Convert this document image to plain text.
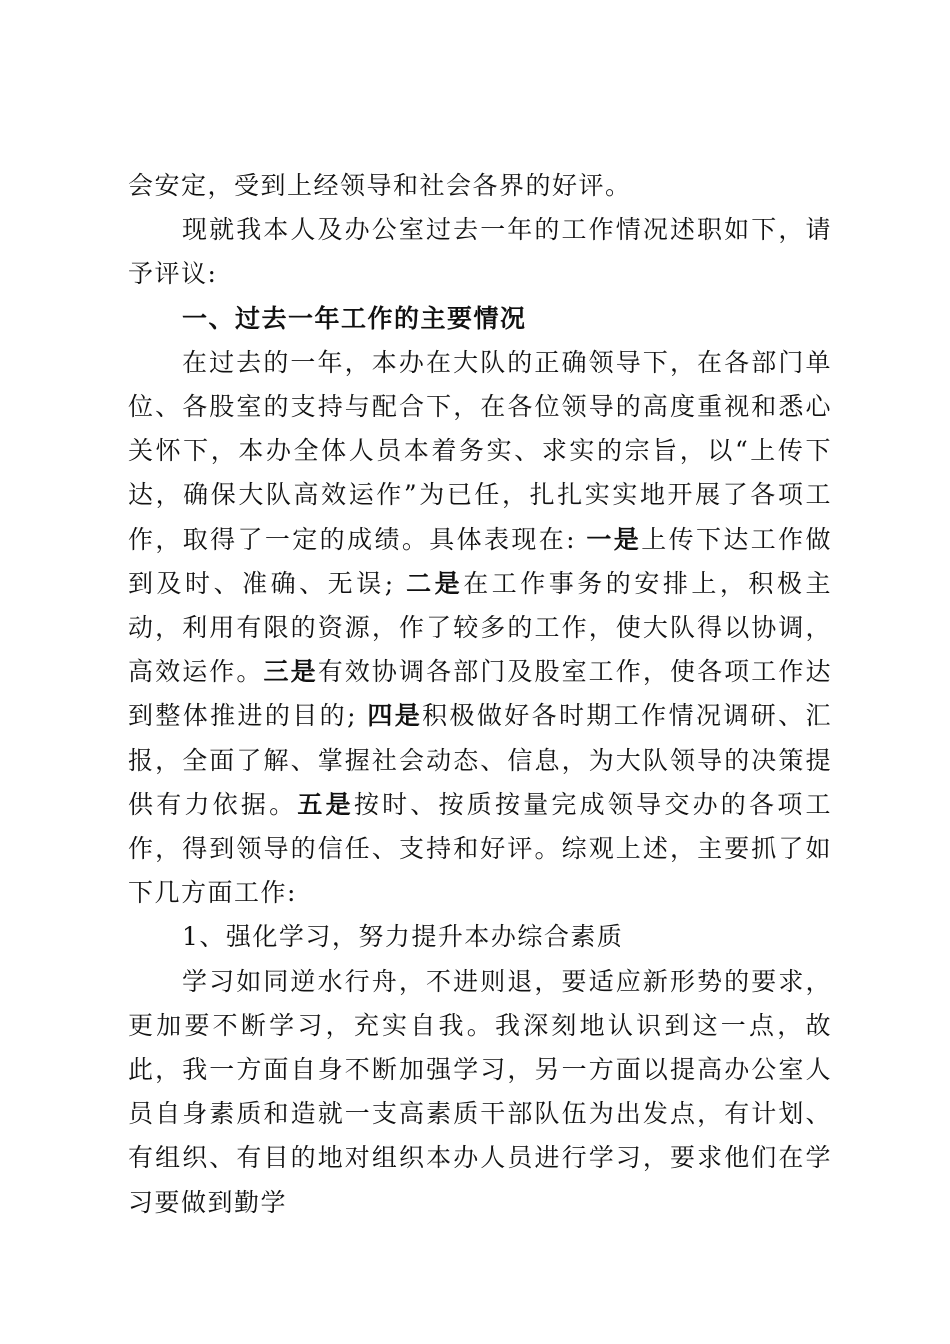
会安定，受到上经领导和社会各界的好评。

现就我本人及办公室过去一年的工作情况述职如下，请予评议:

一、过去一年工作的主要情况

在过去的一年，本办在大队的正确领导下，在各部门单位、各股室的支持与配合下，在各位领导的高度重视和悉心关怀下，本办全体人员本着务实、求实的宗旨，以“上传下达，确保大队高效运作”为已任，扎扎实实地开展了各项工作，取得了一定的成绩。具体表现在: 一是上传下达工作做到及时、准确、无误; 二是在工作事务的安排上，积极主动，利用有限的资源，作了较多的工作，使大队得以协调，高效运作。三是有效协调各部门及股室工作，使各项工作达到整体推进的目的; 四是积极做好各时期工作情况调研、汇报，全面了解、掌握社会动态、信息，为大队领导的决策提供有力依据。五是按时、按质按量完成领导交办的各项工作，得到领导的信任、支持和好评。综观上述，主要抓了如下几方面工作:

1、强化学习，努力提升本办综合素质

学习如同逆水行舟，不进则退，要适应新形势的要求，更加要不断学习，充实自我。我深刻地认识到这一点，故此，我一方面自身不断加强学习，另一方面以提高办公室人员自身素质和造就一支高素质干部队伍为出发点，有计划、有组织、有目的地对组织本办人员进行学习，要求他们在学习要做到勤学
